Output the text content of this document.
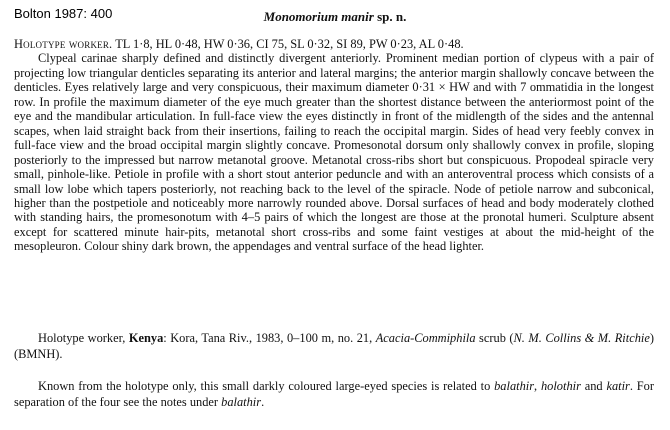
Bolton 1987: 400	Monomorium manir sp. n.

Holotype worker. TL 1·8, HL 0·48, HW 0·36, CI 75, SL 0·32, SI 89, PW 0·23, AL 0·48.

Clypeal carinae sharply defined and distinctly divergent anteriorly. Prominent median portion of clypeus with a pair of projecting low triangular denticles separating its anterior and lateral margins; the anterior margin shallowly concave between the denticles. Eyes relatively large and very conspicuous, their maximum diameter 0·31 × HW and with 7 ommatidia in the longest row. In profile the maximum diameter of the eye much greater than the shortest distance between the anteriormost point of the eye and the mandibular articulation. In full-face view the eyes distinctly in front of the midlength of the sides and the antennal scapes, when laid straight back from their insertions, failing to reach the occipital margin. Sides of head very feebly convex in full-face view and the broad occipital margin slightly concave. Promesonotal dorsum only shallowly convex in profile, sloping posteriorly to the impressed but narrow metanotal groove. Metanotal cross-ribs short but conspicuous. Propodeal spiracle very small, pinhole-like. Petiole in profile with a short stout anterior peduncle and with an anteroventral process which consists of a small low lobe which tapers posteriorly, not reaching back to the level of the spiracle. Node of petiole narrow and subconical, higher than the postpetiole and noticeably more narrowly rounded above. Dorsal surfaces of head and body moderately clothed with standing hairs, the promesonotum with 4–5 pairs of which the longest are those at the pronotal humeri. Sculpture absent except for scattered minute hair-pits, metanotal short cross-ribs and some faint vestiges at about the mid-height of the mesopleuron. Colour shiny dark brown, the appendages and ventral surface of the head lighter.

Holotype worker, Kenya: Kora, Tana Riv., 1983, 0–100 m, no. 21, Acacia-Commiphila scrub (N. M. Collins & M. Ritchie) (BMNH).
Known from the holotype only, this small darkly coloured large-eyed species is related to balathir, holothir and katir. For separation of the four see the notes under balathir.
